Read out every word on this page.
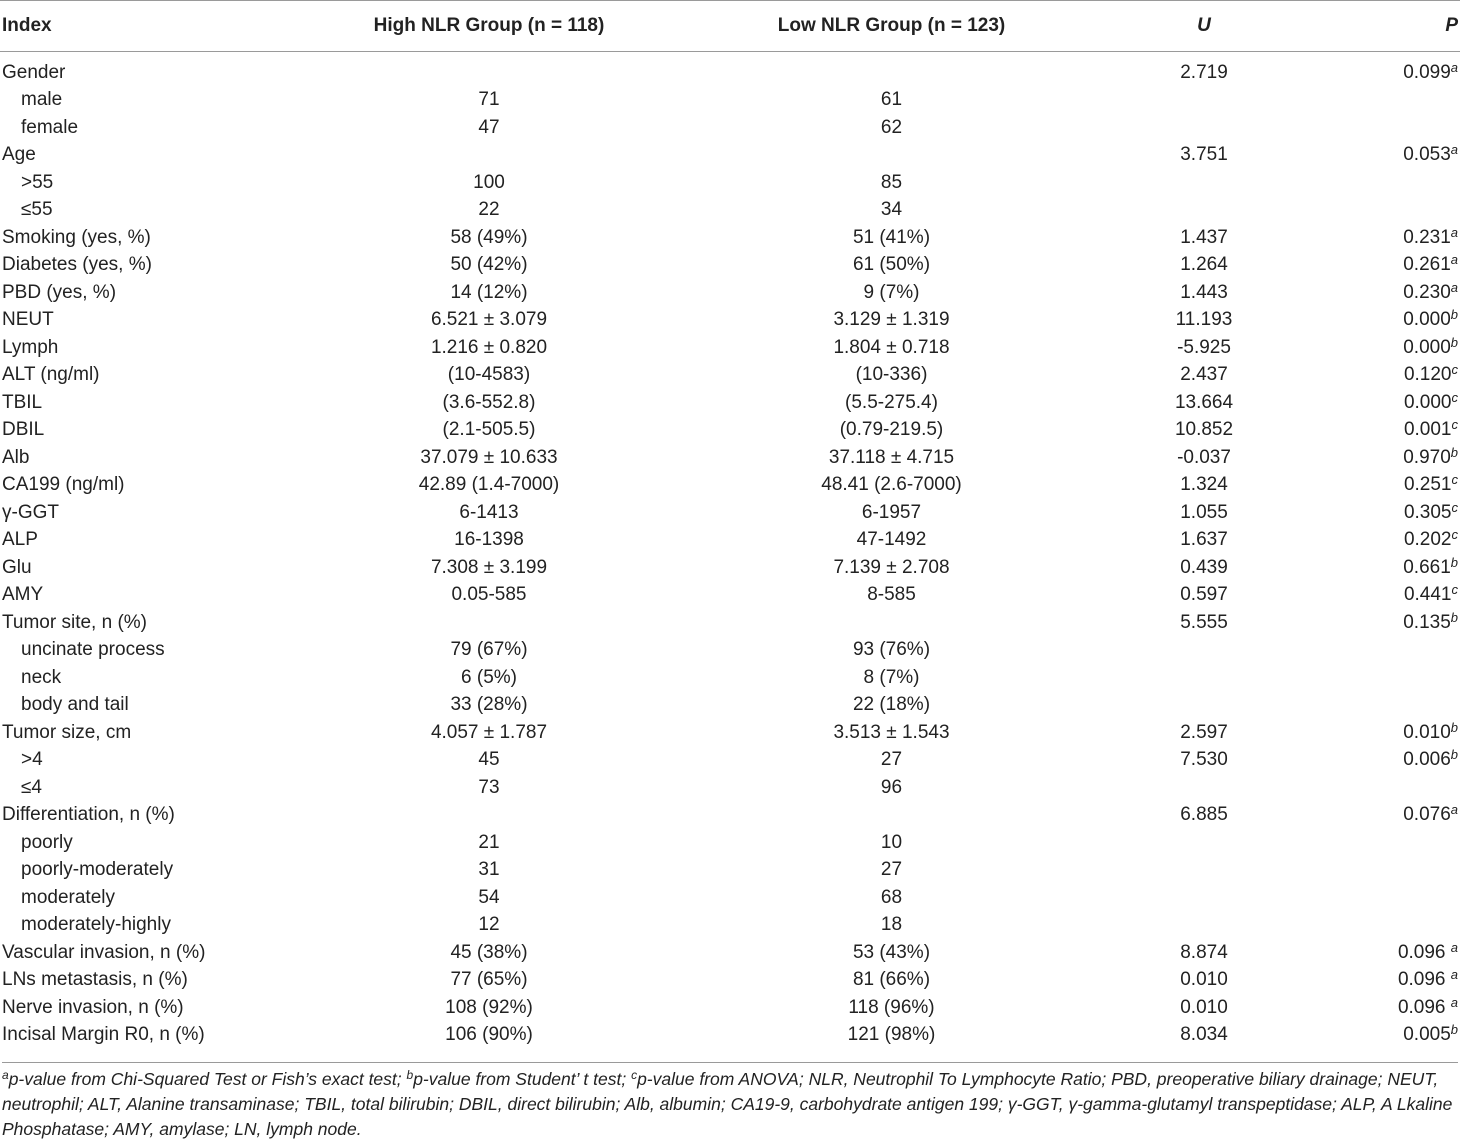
Index	High NLR Group (n = 118)	Low NLR Group (n = 123)	U	P
Gender			2.719	0.099$^a$
male	71	61		
female	47	62		
Age			3.751	0.053$^a$
>55	100	85		
≤55	22	34		
Smoking (yes, %)	58 (49%)	51 (41%)	1.437	0.231$^a$
Diabetes (yes, %)	50 (42%)	61 (50%)	1.264	0.261$^a$
PBD (yes, %)	14 (12%)	9 (7%)	1.443	0.230$^a$
NEUT	6.521 ± 3.079	3.129 ± 1.319	11.193	0.000$^b$
Lymph	1.216 ± 0.820	1.804 ± 0.718	-5.925	0.000$^b$
ALT (ng/ml)	(10-4583)	(10-336)	2.437	0.120$^c$
TBIL	(3.6-552.8)	(5.5-275.4)	13.664	0.000$^c$
DBIL	(2.1-505.5)	(0.79-219.5)	10.852	0.001$^c$
Alb	37.079 ± 10.633	37.118 ± 4.715	-0.037	0.970$^b$
CA199 (ng/ml)	42.89 (1.4-7000)	48.41 (2.6-7000)	1.324	0.251$^c$
γ-GGT	6-1413	6-1957	1.055	0.305$^c$
ALP	16-1398	47-1492	1.637	0.202$^c$
Glu	7.308 ± 3.199	7.139 ± 2.708	0.439	0.661$^b$
AMY	0.05-585	8-585	0.597	0.441$^c$
Tumor site, n (%)			5.555	0.135$^b$
uncinate process	79 (67%)	93 (76%)		
neck	6 (5%)	8 (7%)		
body and tail	33 (28%)	22 (18%)		
Tumor size, cm	4.057 ± 1.787	3.513 ± 1.543	2.597	0.010$^b$
>4	45	27	7.530	0.006$^b$
≤4	73	96		
Differentiation, n (%)			6.885	0.076$^a$
poorly	21	10		
poorly-moderately	31	27		
moderately	54	68		
moderately-highly	12	18		
Vascular invasion, n (%)	45 (38%)	53 (43%)	8.874	0.096 $^a$
LNs metastasis, n (%)	77 (65%)	81 (66%)	0.010	0.096 $^a$
Nerve invasion, n (%)	108 (92%)	118 (96%)	0.010	0.096 $^a$
Incisal Margin R0, n (%)	106 (90%)	121 (98%)	8.034	0.005$^b$
$^a$p-value from Chi-Squared Test or Fish’s exact test; $^b$p-value from Student’ t test; $^c$p-value from ANOVA; NLR, Neutrophil To Lymphocyte Ratio; PBD, preoperative biliary drainage; NEUT, neutrophil; ALT, Alanine transaminase; TBIL, total bilirubin; DBIL, direct bilirubin; Alb, albumin; CA19-9, carbohydrate antigen 199; γ-GGT, γ-gamma-glutamyl transpeptidase; ALP, A Lkaline Phosphatase; AMY, amylase; LN, lymph node.
